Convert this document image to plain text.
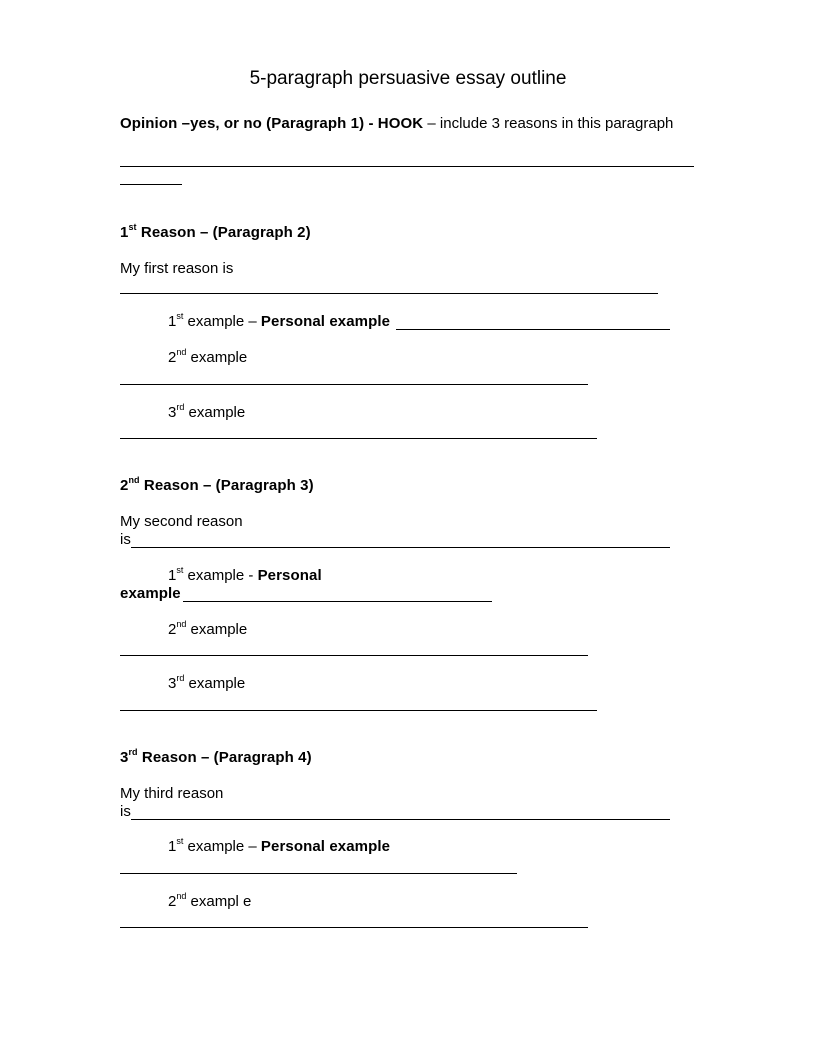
5-paragraph persuasive essay outline
Opinion –yes, or no (Paragraph 1) - HOOK – include 3 reasons in this paragraph
1st Reason – (Paragraph 2)
My first reason is
1st example – Personal example
2nd example
3rd example
2nd Reason – (Paragraph 3)
My second reason
is
1st example - Personal
example
2nd example
3rd example
3rd Reason – (Paragraph 4)
My third reason
is
1st example – Personal example
2nd exampl e
